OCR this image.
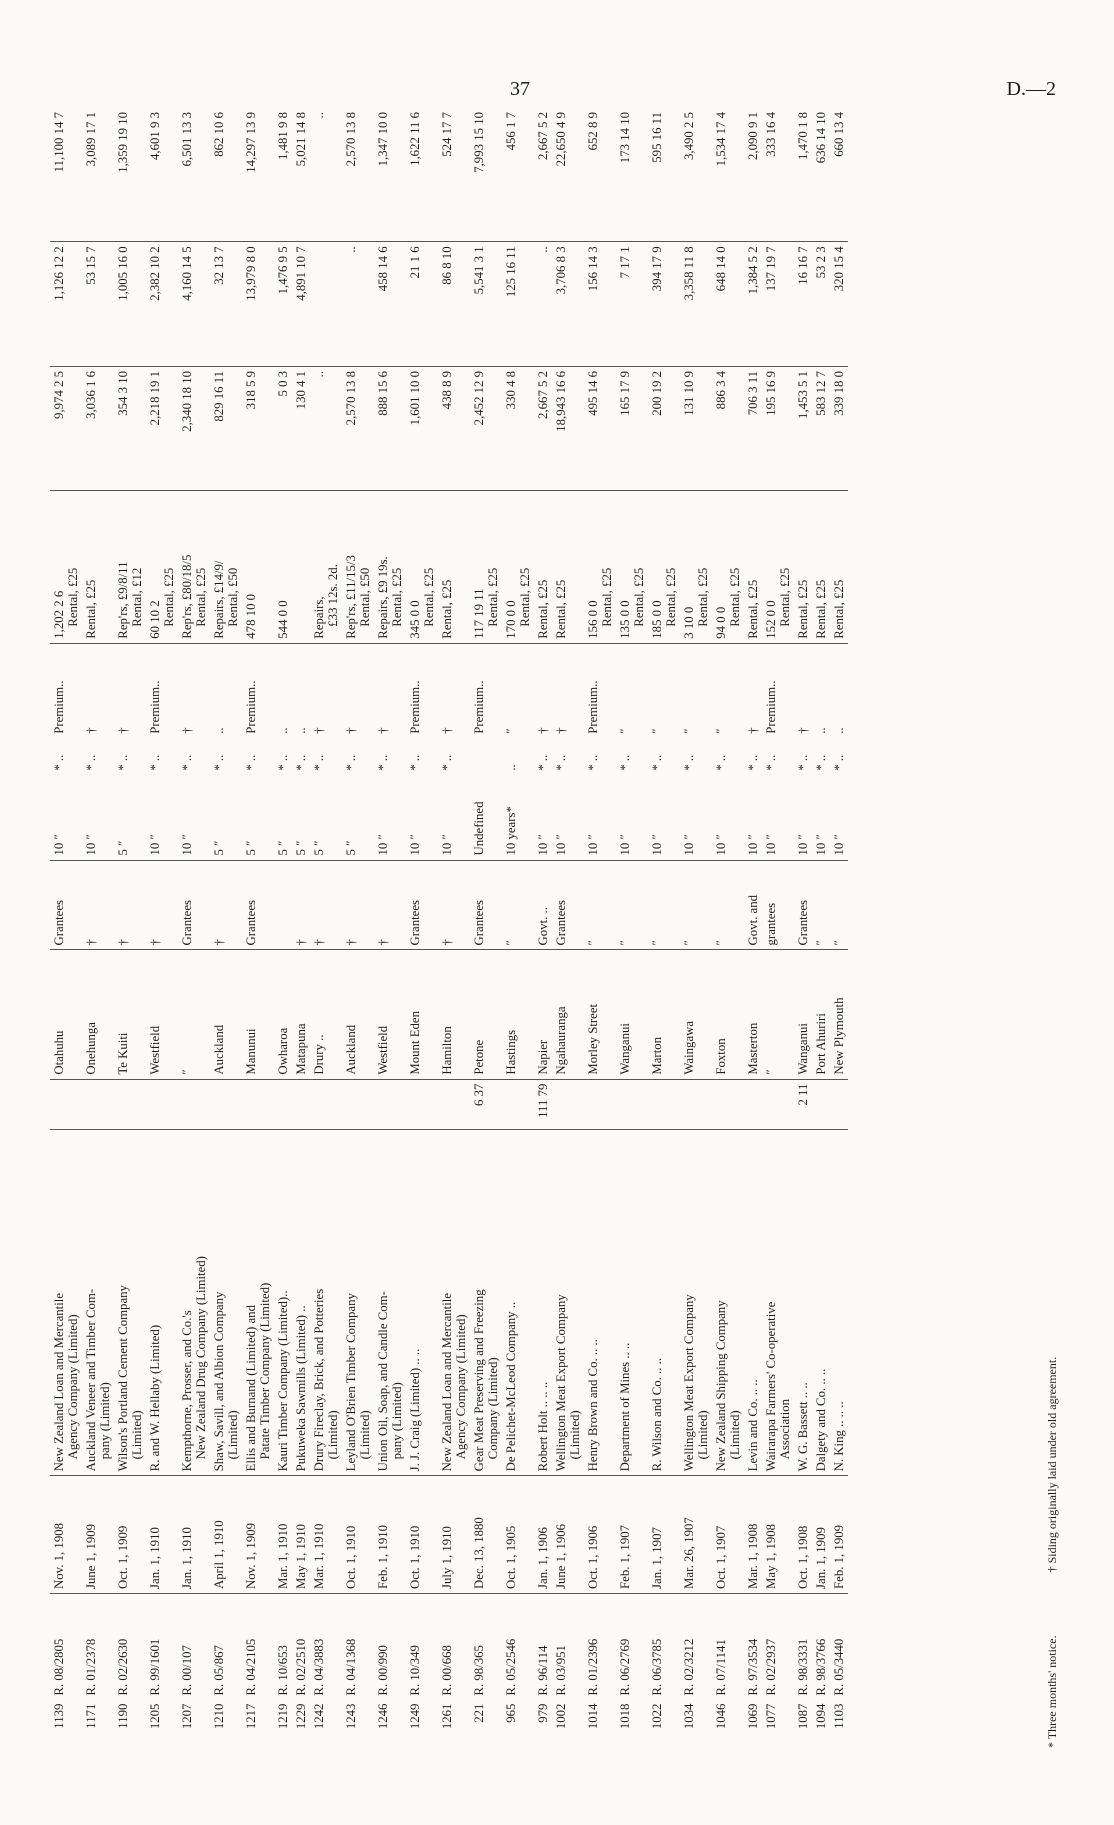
37	D.—2
1139	R. 08/2805	Nov. 1, 1908	New Zealand Loan and Mercantile Agency Company (Limited)		Otahuhu	Grantees	10 ″	* ..	Premium..	1,202 2 6 Rental, £25	9,974 2 5	1,126 12 2	11,100 14 7
1171	R. 01/2378	June 1, 1909	Auckland Veneer and Timber Com- pany (Limited)		Onehunga	†	10 ″	* ..	†	Rental, £25	3,036 1 6	53 15 7	3,089 17 1
1190	R. 02/2630	Oct. 1, 1909	Wilson's Portland Cement Company (Limited)		Te Kuiti	†	5 ″	* ..	†	Rep'rs, £9/8/11 Rental, £12	354 3 10	1,005 16 0	1,359 19 10
1205	R. 99/1601	Jan. 1, 1910	R. and W. Hellaby (Limited)		Westfield	†	10 ″	* ..	Premium..	60 10 2 Rental, £25	2,218 19 1	2,382 10 2	4,601 9 3
1207	R. 00/107	Jan. 1, 1910	Kempthorne, Prosser, and Co.'s New Zealand Drug Company (Limited)		″	Grantees	10 ″	* ..	†	Rep'rs, £80/18/5 Rental, £25	2,340 18 10	4,160 14 5	6,501 13 3
1210	R. 05/867	April 1, 1910	Shaw, Savill, and Albion Company (Limited)		Auckland	†	5 ″	* ..	..	Repairs, £14/9/ Rental, £50	829 16 11	32 13 7	862 10 6
1217	R. 04/2105	Nov. 1, 1909	Ellis and Burnand (Limited) and Patate Timber Company (Limited)		Manunui	Grantees	5 ″	* ..	Premium..	478 10 0	318 5 9	13,979 8 0	14,297 13 9
1219	R. 10/653	Mar. 1, 1910	Kauri Timber Company (Limited)..		Owharoa		5 ″	* ..	..	544 0 0	5 0 3	1,476 9 5	1,481 9 8
1229	R. 02/2510	May 1, 1910	Pukuweka Sawmills (Limited) ..		Matapuna	†	5 ″	* ..	..		130 4 1	4,891 10 7	5,021 14 8
1242	R. 04/3883	Mar. 1, 1910	Drury Fireclay, Brick, and Potteries (Limited)		Drury ..	†	5 ″	* ..	†	Repairs, £33 12s. 2d.	..		..
1243	R. 04/1368	Oct. 1, 1910	Leyland O'Brien Timber Company (Limited)		Auckland	†	5 ″	* ..	†	Rep'rs, £11/15/3 Rental, £50	2,570 13 8	..	2,570 13 8
1246	R. 00/990	Feb. 1, 1910	Union Oil, Soap, and Candle Com- pany (Limited)		Westfield	†	10 ″	* ..	†	Repairs, £9 19s. Rental, £25	888 15 6	458 14 6	1,347 10 0
1249	R. 10/349	Oct. 1, 1910	J. J. Craig (Limited) .. ..		Mount Eden	Grantees	10 ″	* ..	Premium..	345 0 0 Rental, £25	1,601 10 0	21 1 6	1,622 11 6
1261	R. 00/668	July 1, 1910	New Zealand Loan and Mercantile Agency Company (Limited)		Hamilton	†	10 ″	* ..	†	Rental, £25	438 8 9	86 8 10	524 17 7
221	R. 98/365	Dec. 13, 1880	Gear Meat Preserving and Freezing Company (Limited)	6 37	Petone	Grantees	Undefined		Premium..	117 19 11 Rental, £25	2,452 12 9	5,541 3 1	7,993 15 10
965	R. 05/2546	Oct. 1, 1905	De Pelichet-McLeod Company ..		Hastings	″	10 years*	..	″	170 0 0 Rental, £25	330 4 8	125 16 11	456 1 7
979	R. 96/114	Jan. 1, 1906	Robert Holt .. .. ..	111 79	Napier	Govt. ..	10 ″	* ..	†	Rental, £25	2,667 5 2	..	2,667 5 2
1002	R. 03/951	June 1, 1906	Wellington Meat Export Company (Limited)		Ngahauranga	Grantees	10 ″	* ..	†	Rental, £25	18,943 16 6	3,706 8 3	22,650 4 9
1014	R. 01/2396	Oct. 1, 1906	Henry Brown and Co. .. ..		Morley Street	″	10 ″	* ..	Premium..	156 0 0 Rental, £25	495 14 6	156 14 3	652 8 9
1018	R. 06/2769	Feb. 1, 1907	Department of Mines .. ..		Wanganui	″	10 ″	* ..	″	135 0 0 Rental, £25	165 17 9	7 17 1	173 14 10
1022	R. 06/3785	Jan. 1, 1907	R. Wilson and Co. .. ..		Marton	″	10 ″	* ..	″	185 0 0 Rental, £25	200 19 2	394 17 9	595 16 11
1034	R. 02/3212	Mar. 26, 1907	Wellington Meat Export Company (Limited)		Waingawa	″	10 ″	* ..	″	3 10 0 Rental, £25	131 10 9	3,358 11 8	3,490 2 5
1046	R. 07/1141	Oct. 1, 1907	New Zealand Shipping Company (Limited)		Foxton	″	10 ″	* ..	″	94 0 0 Rental, £25	886 3 4	648 14 0	1,534 17 4
1069	R. 97/3534	Mar. 1, 1908	Levin and Co. .. ..		Masterton	Govt. and	10 ″	* ..	†	Rental, £25	706 3 11	1,384 5 2	2,090 9 1
1077	R. 02/2937	May 1, 1908	Wairarapa Farmers' Co-operative Association		″	grantees	10 ″	* ..	Premium..	152 0 0 Rental, £25	195 16 9	137 19 7	333 16 4
1087	R. 98/3331	Oct. 1, 1908	W. G. Bassett .. ..	2 11	Wanganui	Grantees	10 ″	* ..	†	Rental, £25	1,453 5 1	16 16 7	1,470 1 8
1094	R. 98/3766	Jan. 1, 1909	Dalgety and Co. .. ..		Port Ahuriri	″	10 ″	* ..	..	Rental, £25	583 12 7	53 2 3	636 14 10
1103	R. 05/3440	Feb. 1, 1909	N. King .. .. ..		New Plymouth	″	10 ″	* ..	..	Rental, £25	339 18 0	320 15 4	660 13 4
* Three months' notice. † Siding originally laid under old agreement.
